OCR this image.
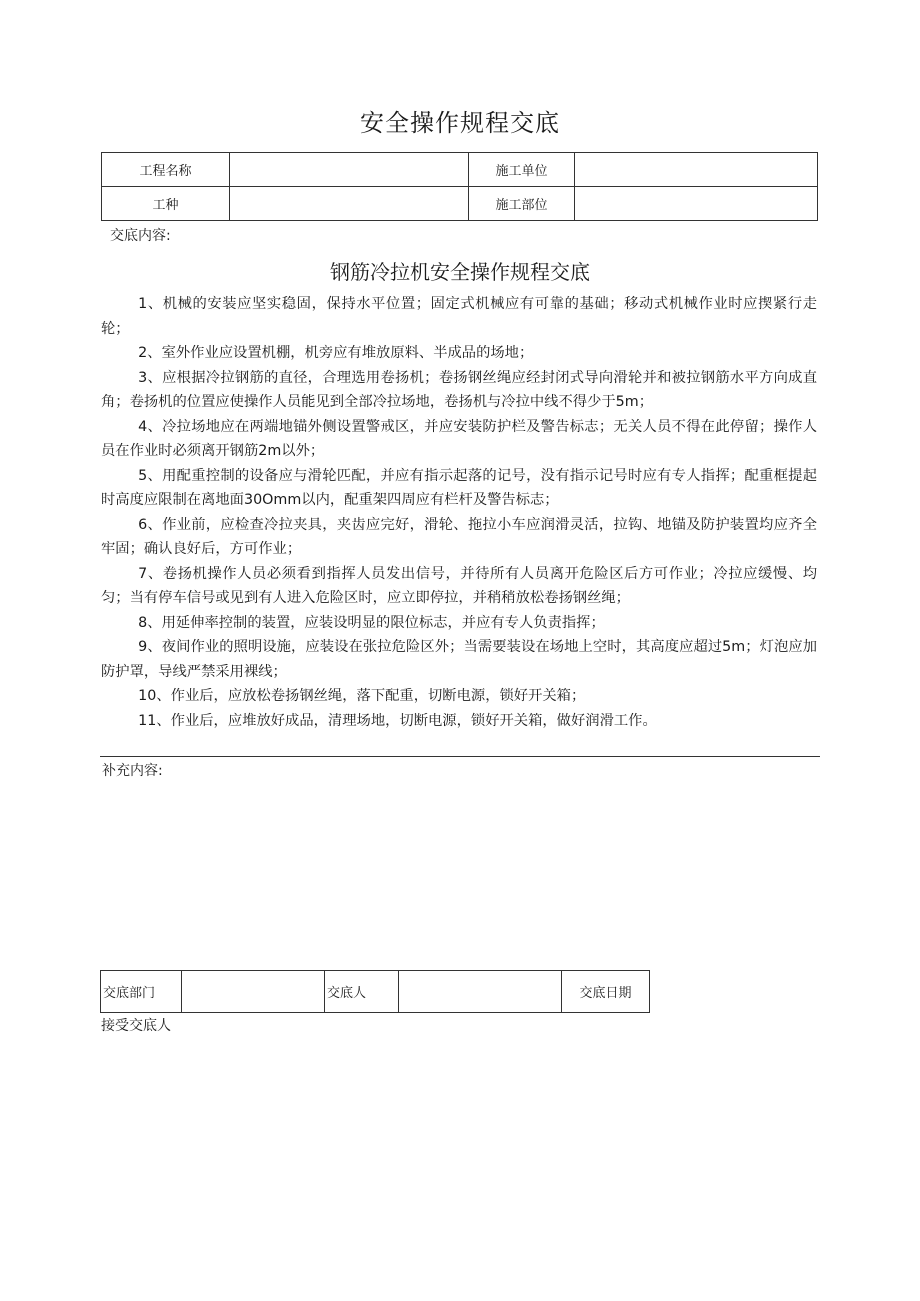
安全操作规程交底
工程名称		施工单位	
工种		施工部位	
交底内容:
钢筋冷拉机安全操作规程交底

1、机械的安装应坚实稳固，保持水平位置；固定式机械应有可靠的基础；移动式机械作业时应揳紧行走轮；

2、室外作业应设置机棚，机旁应有堆放原料、半成品的场地；

3、应根据冷拉钢筋的直径，合理选用卷扬机；卷扬钢丝绳应经封闭式导向滑轮并和被拉钢筋水平方向成直角；卷扬机的位置应使操作人员能见到全部冷拉场地，卷扬机与冷拉中线不得少于5m；

4、冷拉场地应在两端地锚外侧设置警戒区，并应安装防护栏及警告标志；无关人员不得在此停留；操作人员在作业时必须离开钢筋2m以外；

5、用配重控制的设备应与滑轮匹配，并应有指示起落的记号，没有指示记号时应有专人指挥；配重框提起时高度应限制在离地面30Omm以内，配重架四周应有栏杆及警告标志；

6、作业前，应检查冷拉夹具，夹齿应完好，滑轮、拖拉小车应润滑灵活，拉钩、地锚及防护装置均应齐全牢固；确认良好后，方可作业；

7、卷扬机操作人员必须看到指挥人员发出信号，并待所有人员离开危险区后方可作业；冷拉应缓慢、均匀；当有停车信号或见到有人进入危险区时，应立即停拉，并稍稍放松卷扬钢丝绳；

8、用延伸率控制的装置，应装设明显的限位标志，并应有专人负责指挥；

9、夜间作业的照明设施，应装设在张拉危险区外；当需要装设在场地上空时，其高度应超过5m；灯泡应加防护罩，导线严禁采用裸线；

10、作业后，应放松卷扬钢丝绳，落下配重，切断电源，锁好开关箱；

11、作业后，应堆放好成品，清理场地，切断电源，锁好开关箱，做好润滑工作。

补充内容:
交底部门		交底人		交底日期
接受交底人
